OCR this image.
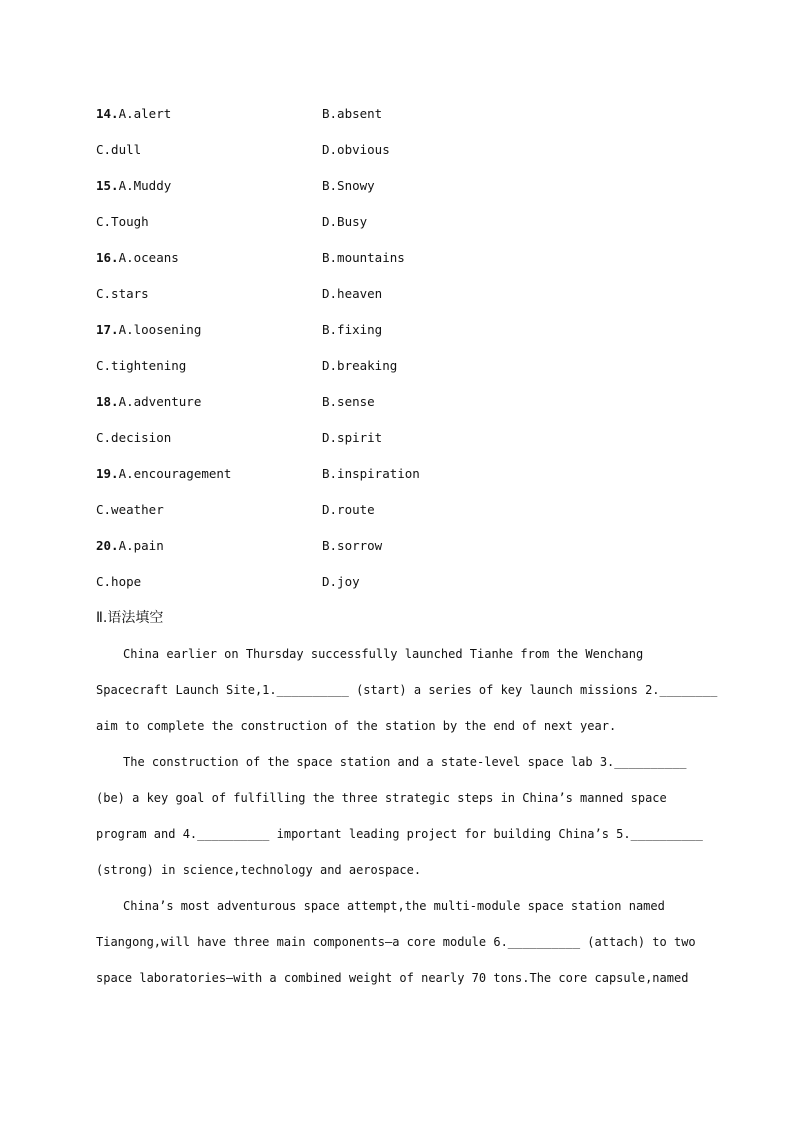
14.A.alert	B.absent
C.dull	D.obvious
15.A.Muddy	B.Snowy
C.Tough	D.Busy
16.A.oceans	B.mountains
C.stars	D.heaven
17.A.loosening	B.fixing
C.tightening	D.breaking
18.A.adventure	B.sense
C.decision	D.spirit
19.A.encouragement	B.inspiration
C.weather	D.route
20.A.pain	B.sorrow
C.hope	D.joy
Ⅱ.语法填空
China earlier on Thursday successfully launched Tianhe from the Wenchang
Spacecraft Launch Site,1.__________ (start) a series of key launch missions 2.________
aim to complete the construction of the station by the end of next year.
The construction of the space station and a state-level space lab 3.__________
(be) a key goal of fulfilling the three strategic steps in China’s manned space
program and 4.__________ important leading project for building China’s 5.__________
(strong) in science,technology and aerospace.
China’s most adventurous space attempt,the multi-module space station named
Tiangong,will have three main components—a core module 6.__________ (attach) to two
space laboratories—with a combined weight of nearly 70 tons.The core capsule,named
